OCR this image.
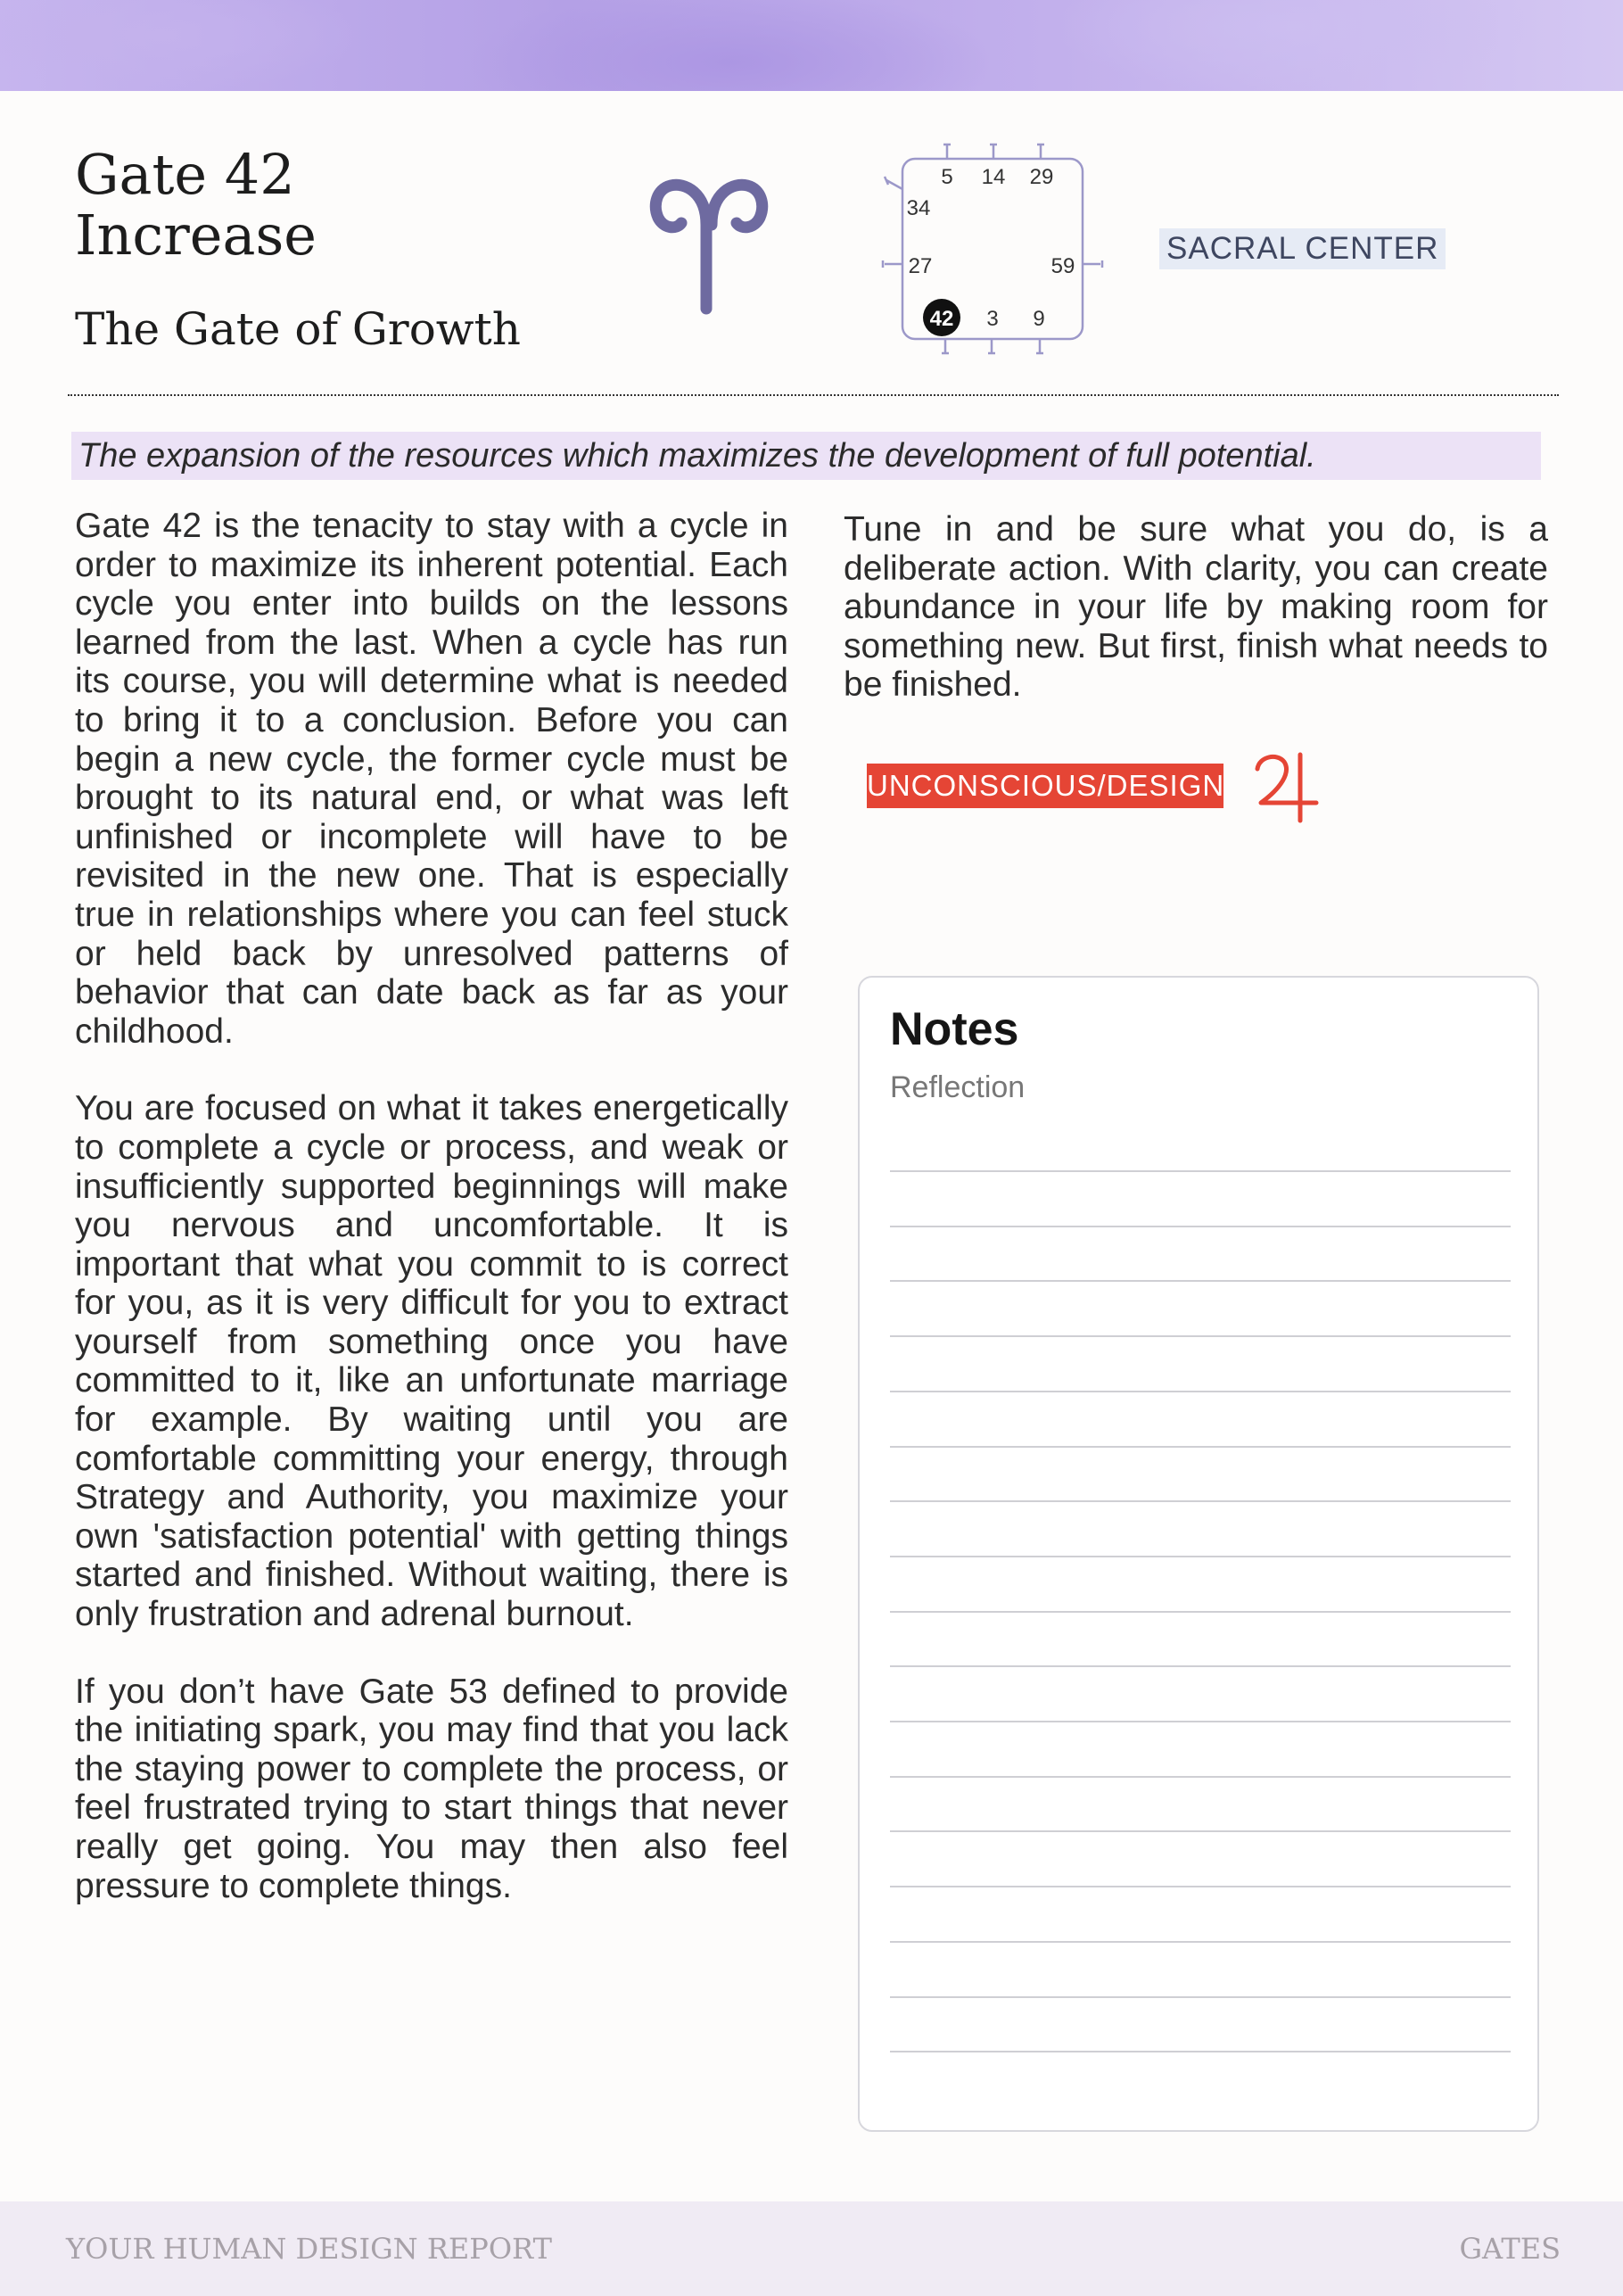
Gate 42
Increase
The Gate of Growth
5 14 29
34
27	59
42 3 9
SACRAL CENTER
The expansion of the resources which maximizes the development of full potential.

Gate 42 is the tenacity to stay with a cycle in order to maximize its inherent potential. Each cycle you enter into builds on the lessons learned from the last. When a cycle has run its course, you will determine what is needed to bring it to a conclusion. Before you can begin a new cycle, the former cycle must be brought to its natural end, or what was left unfinished or incomplete will have to be revisited in the new one. That is especially true in relationships where you can feel stuck or held back by unresolved patterns of behavior that can date back as far as your childhood.

You are focused on what it takes energetically to complete a cycle or process, and weak or insufficiently supported beginnings will make you nervous and uncomfortable. It is important that what you commit to is correct for you, as it is very difficult for you to extract yourself from something once you have committed to it, like an unfortunate marriage for example. By waiting until you are comfortable committing your energy, through Strategy and Authority, you maximize your own 'satisfaction potential' with getting things started and finished. Without waiting, there is only frustration and adrenal burnout.

If you don’t have Gate 53 defined to provide the initiating spark, you may find that you lack the staying power to complete the process, or feel frustrated trying to start things that never really get going. You may then also feel pressure to complete things.

Tune in and be sure what you do, is a deliberate action. With clarity, you can create abundance in your life by making room for something new. But first, finish what needs to be finished.

UNCONSCIOUS/DESIGN
Notes
Reflection
YOUR HUMAN DESIGN REPORT	GATES
